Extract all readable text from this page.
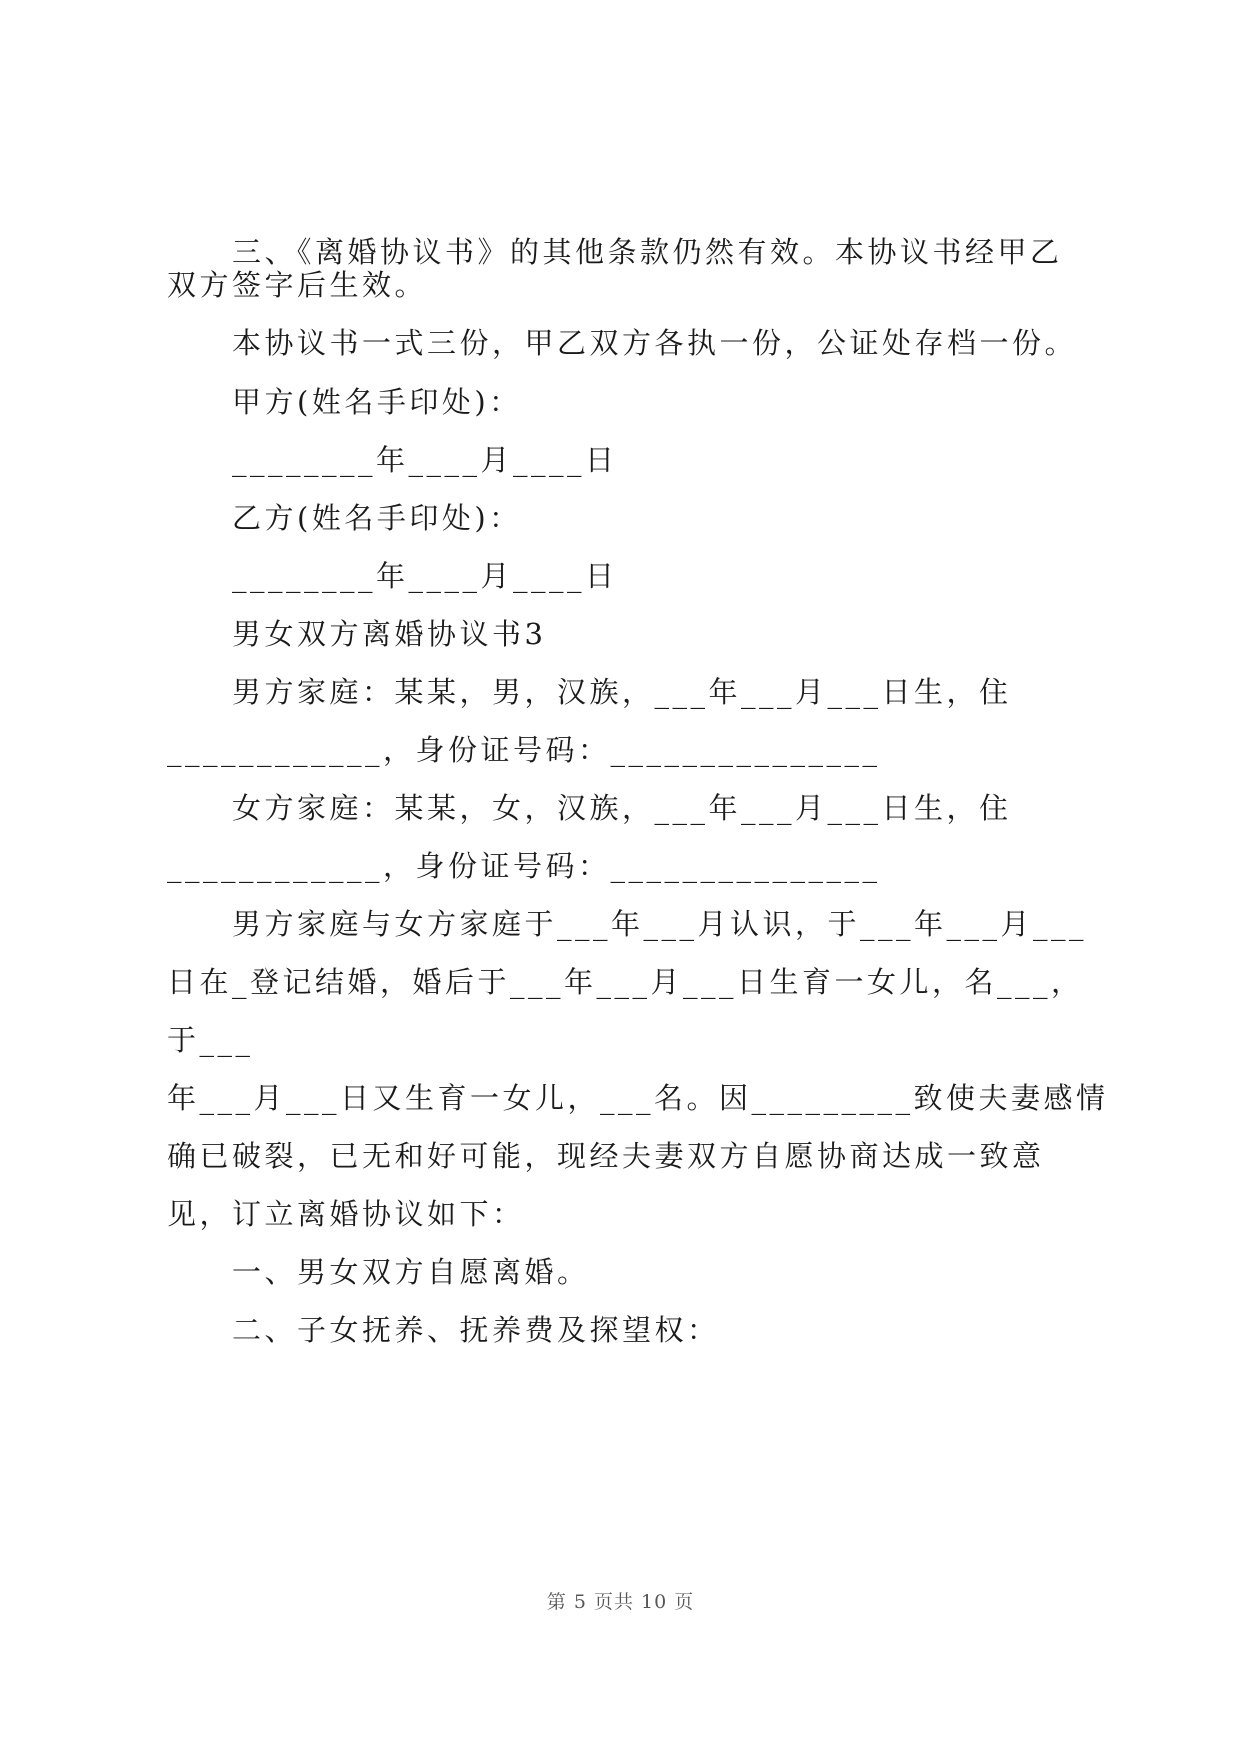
三、《离婚协议书》的其他条款仍然有效。本协议书经甲乙
双方签字后生效。
本协议书一式三份，甲乙双方各执一份，公证处存档一份。
甲方(姓名手印处)：
________年____月____日
乙方(姓名手印处)：
________年____月____日
男女双方离婚协议书3
男方家庭：某某，男，汉族，___年___月___日生，住
____________，身份证号码：_______________
女方家庭：某某，女，汉族，___年___月___日生，住
____________，身份证号码：_______________
男方家庭与女方家庭于___年___月认识，于___年___月___
日在_登记结婚，婚后于___年___月___日生育一女儿，名___，
于___
年___月___日又生育一女儿，___名。因_________致使夫妻感情
确已破裂，已无和好可能，现经夫妻双方自愿协商达成一致意
见，订立离婚协议如下：
一、男女双方自愿离婚。
二、子女抚养、抚养费及探望权：
第 5 页共 10 页
